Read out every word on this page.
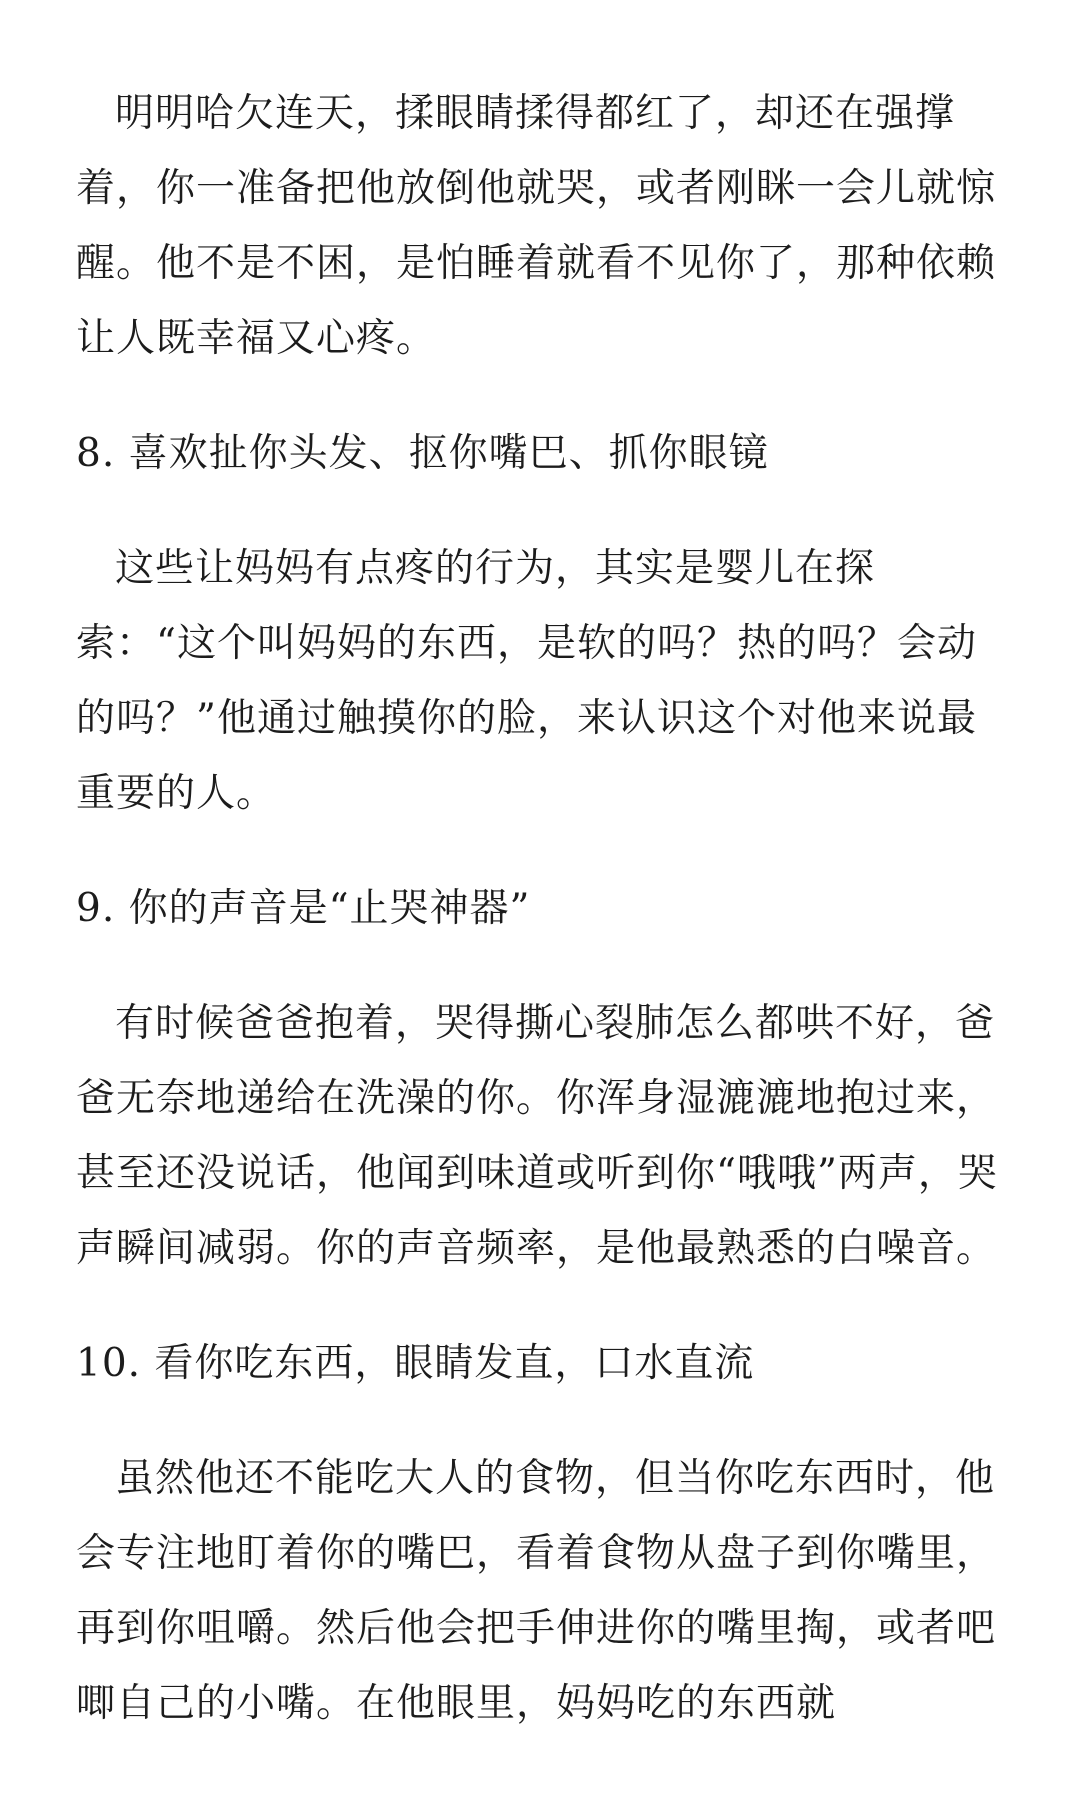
明明哈欠连天，揉眼睛揉得都红了，却还在强撑着，你一准备把他放倒他就哭，或者刚眯一会儿就惊醒。他不是不困，是怕睡着就看不见你了，那种依赖让人既幸福又心疼。

8. 喜欢扯你头发、抠你嘴巴、抓你眼镜

这些让妈妈有点疼的行为，其实是婴儿在探索：“这个叫妈妈的东西，是软的吗？热的吗？会动的吗？”他通过触摸你的脸，来认识这个对他来说最重要的人。

9. 你的声音是“止哭神器”

有时候爸爸抱着，哭得撕心裂肺怎么都哄不好，爸爸无奈地递给在洗澡的你。你浑身湿漉漉地抱过来，甚至还没说话，他闻到味道或听到你“哦哦”两声，哭声瞬间减弱。你的声音频率，是他最熟悉的白噪音。

10. 看你吃东西，眼睛发直，口水直流

虽然他还不能吃大人的食物，但当你吃东西时，他会专注地盯着你的嘴巴，看着食物从盘子到你嘴里，再到你咀嚼。然后他会把手伸进你的嘴里掏，或者吧唧自己的小嘴。在他眼里，妈妈吃的东西就
